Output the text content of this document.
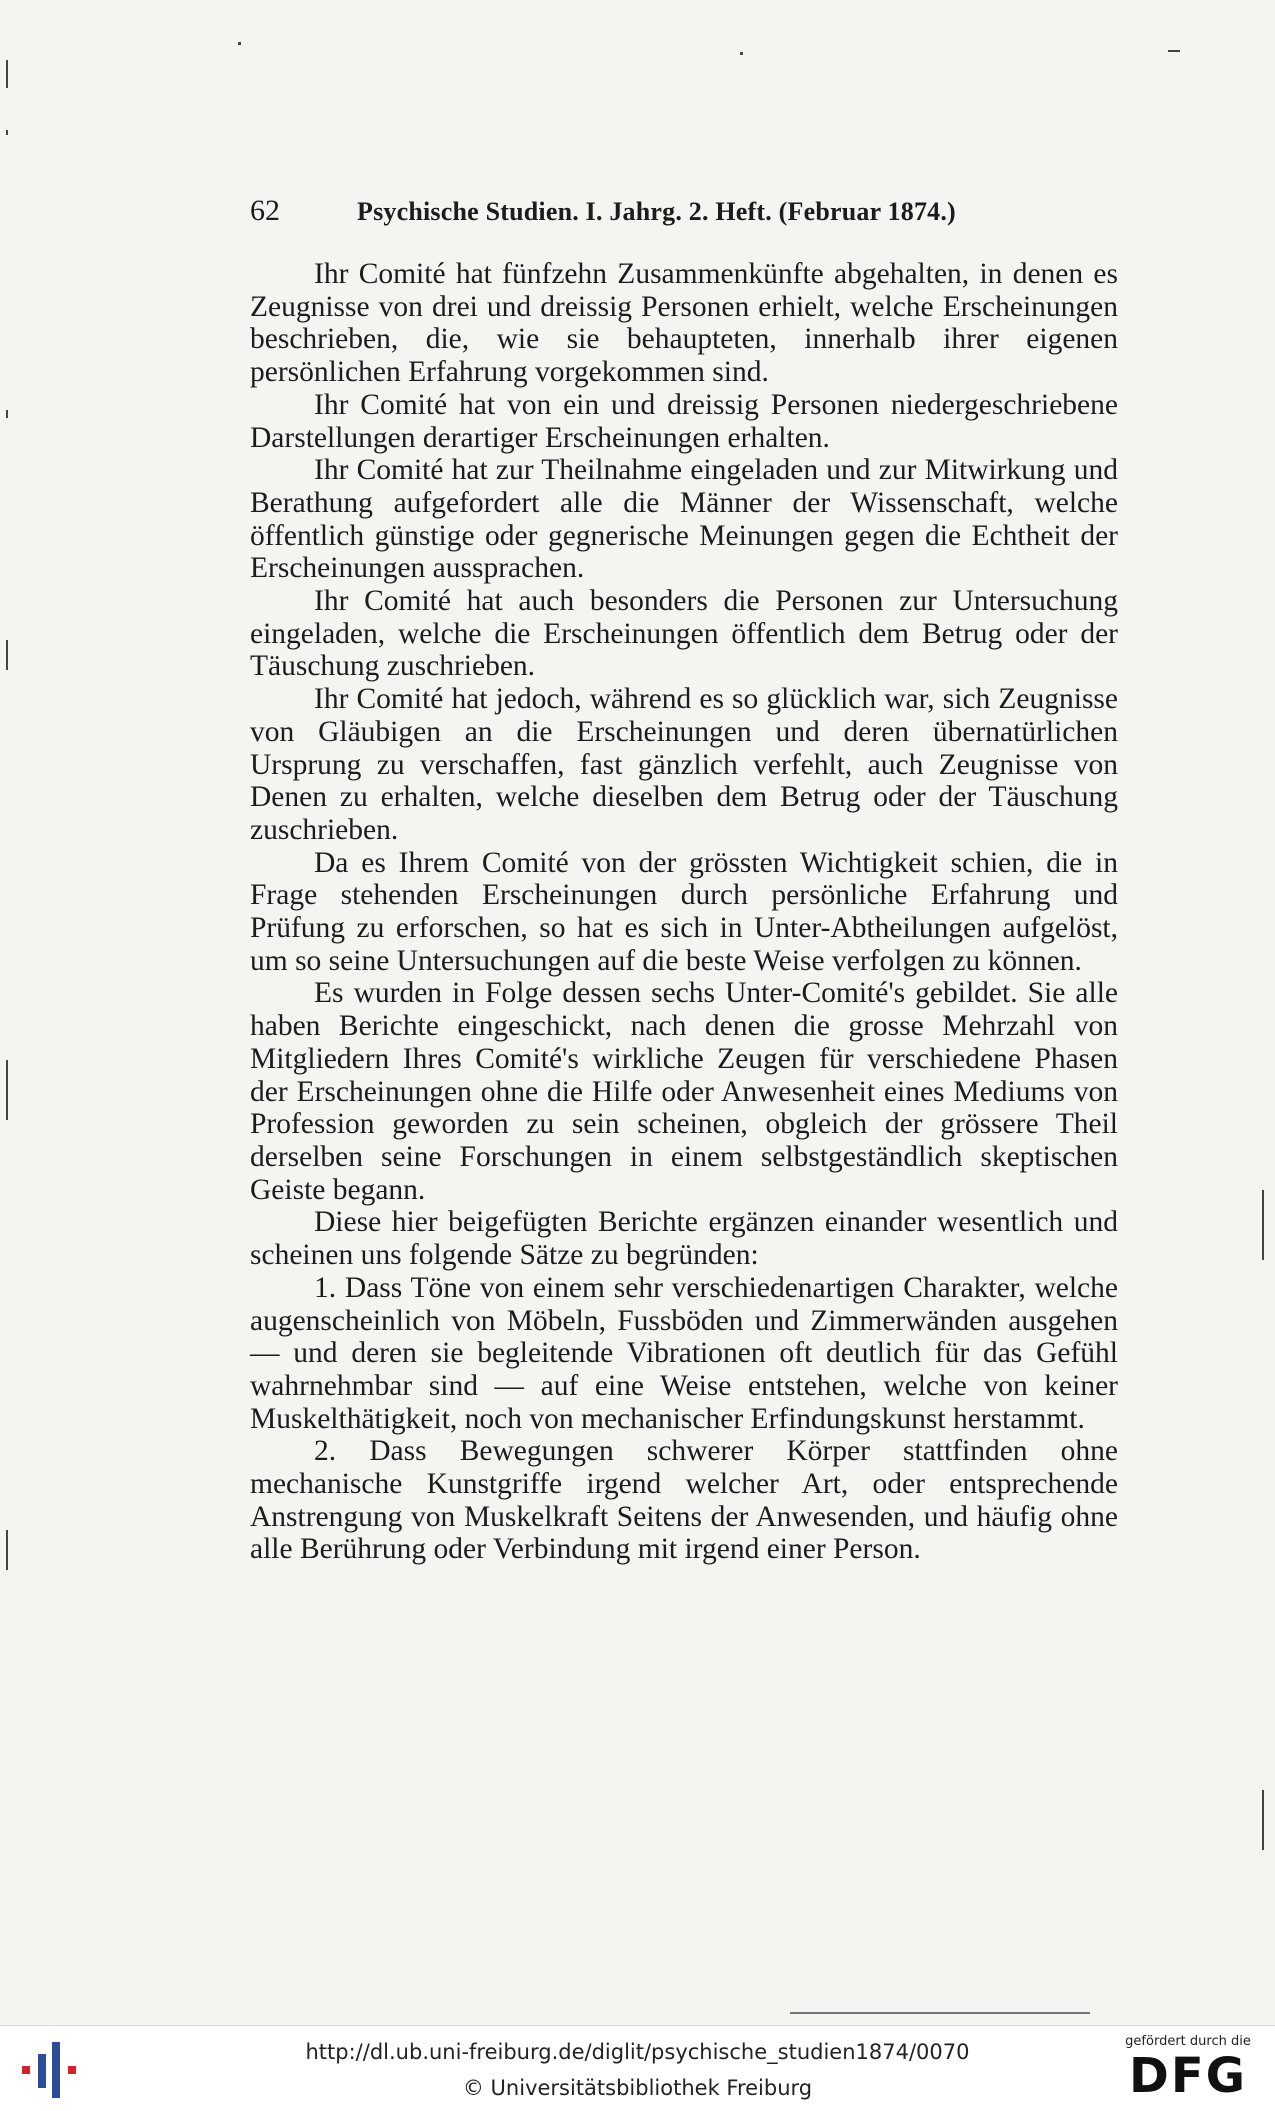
62	Psychische Studien. I. Jahrg. 2. Heft. (Februar 1874.)

Ihr Comité hat fünfzehn Zusammenkünfte abgehalten, in denen es Zeugnisse von drei und dreissig Personen erhielt, welche Erscheinungen beschrieben, die, wie sie behaupteten, innerhalb ihrer eigenen persönlichen Erfahrung vorgekommen sind.

Ihr Comité hat von ein und dreissig Personen niedergeschriebene Darstellungen derartiger Erscheinungen erhalten.

Ihr Comité hat zur Theilnahme eingeladen und zur Mitwirkung und Berathung aufgefordert alle die Männer der Wissenschaft, welche öffentlich günstige oder gegnerische Meinungen gegen die Echtheit der Erscheinungen aussprachen.

Ihr Comité hat auch besonders die Personen zur Untersuchung eingeladen, welche die Erscheinungen öffentlich dem Betrug oder der Täuschung zuschrieben.

Ihr Comité hat jedoch, während es so glücklich war, sich Zeugnisse von Gläubigen an die Erscheinungen und deren übernatürlichen Ursprung zu verschaffen, fast gänzlich verfehlt, auch Zeugnisse von Denen zu erhalten, welche dieselben dem Betrug oder der Täuschung zuschrieben.

Da es Ihrem Comité von der grössten Wichtigkeit schien, die in Frage stehenden Erscheinungen durch persönliche Erfahrung und Prüfung zu erforschen, so hat es sich in Unter-Abtheilungen aufgelöst, um so seine Untersuchungen auf die beste Weise verfolgen zu können.

Es wurden in Folge dessen sechs Unter-Comité's gebildet. Sie alle haben Berichte eingeschickt, nach denen die grosse Mehrzahl von Mitgliedern Ihres Comité's wirkliche Zeugen für verschiedene Phasen der Erscheinungen ohne die Hilfe oder Anwesenheit eines Mediums von Profession geworden zu sein scheinen, obgleich der grössere Theil derselben seine Forschungen in einem selbstgeständlich skeptischen Geiste begann.

Diese hier beigefügten Berichte ergänzen einander wesentlich und scheinen uns folgende Sätze zu begründen:

1. Dass Töne von einem sehr verschiedenartigen Charakter, welche augenscheinlich von Möbeln, Fussböden und Zimmerwänden ausgehen — und deren sie begleitende Vibrationen oft deutlich für das Gefühl wahrnehmbar sind — auf eine Weise entstehen, welche von keiner Muskelthätigkeit, noch von mechanischer Erfindungskunst herstammt.

2. Dass Bewegungen schwerer Körper stattfinden ohne mechanische Kunstgriffe irgend welcher Art, oder entsprechende Anstrengung von Muskelkraft Seitens der Anwesenden, und häufig ohne alle Berührung oder Verbindung mit irgend einer Person.

http://dl.ub.uni-freiburg.de/diglit/psychische_studien1874/0070
© Universitätsbibliothek Freiburg
gefördert durch die
DFG
